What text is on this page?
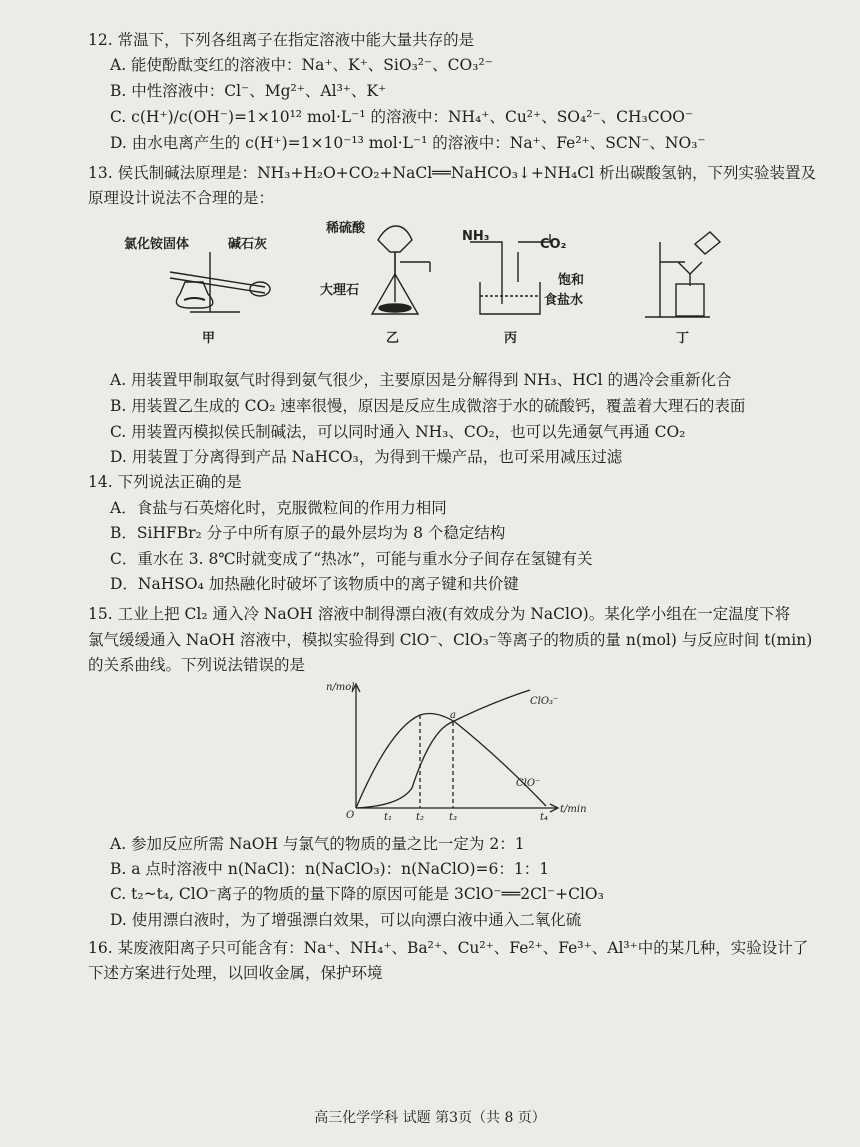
12. 常温下，下列各组离子在指定溶液中能大量共存的是
A. 能使酚酞变红的溶液中：Na⁺、K⁺、SiO₃²⁻、CO₃²⁻
B. 中性溶液中：Cl⁻、Mg²⁺、Al³⁺、K⁺
C. c(H⁺)/c(OH⁻)=1×10¹² mol·L⁻¹ 的溶液中：NH₄⁺、Cu²⁺、SO₄²⁻、CH₃COO⁻
D. 由水电离产生的 c(H⁺)=1×10⁻¹³ mol·L⁻¹ 的溶液中：Na⁺、Fe²⁺、SCN⁻、NO₃⁻
13. 侯氏制碱法原理是：NH₃+H₂O+CO₂+NaCl══NaHCO₃↓+NH₄Cl 析出碳酸氢钠，下列实验装置及
原理设计说法不合理的是：
氯化铵固体	碱石灰
甲
稀硫酸
大理石
乙
NH₃
CO₂
饱和
食盐水
丙	丁
A. 用装置甲制取氨气时得到氨气很少，主要原因是分解得到 NH₃、HCl 的遇冷会重新化合
B. 用装置乙生成的 CO₂ 速率很慢，原因是反应生成微溶于水的硫酸钙，覆盖着大理石的表面
C. 用装置丙模拟侯氏制碱法，可以同时通入 NH₃、CO₂，也可以先通氨气再通 CO₂
D. 用装置丁分离得到产品 NaHCO₃，为得到干燥产品，也可采用减压过滤
14. 下列说法正确的是
A．食盐与石英熔化时，克服微粒间的作用力相同
B．SiHFBr₂ 分子中所有原子的最外层均为 8 个稳定结构
C．重水在 3. 8℃时就变成了“热冰”，可能与重水分子间存在氢键有关
D．NaHSO₄ 加热融化时破坏了该物质中的离子键和共价键
15. 工业上把 Cl₂ 通入冷 NaOH 溶液中制得漂白液(有效成分为 NaClO)。某化学小组在一定温度下将
氯气缓缓通入 NaOH 溶液中，模拟实验得到 ClO⁻、ClO₃⁻等离子的物质的量 n(mol) 与反应时间 t(min)
的关系曲线。下列说法错误的是
n/mol
t/min
O	t₁ t₂ t₃	t₄
a
ClO₃⁻
ClO⁻
A. 参加反应所需 NaOH 与氯气的物质的量之比一定为 2：1
B. a 点时溶液中 n(NaCl)：n(NaClO₃)：n(NaClO)=6：1：1
C. t₂~t₄, ClO⁻离子的物质的量下降的原因可能是 3ClO⁻══2Cl⁻+ClO₃
D. 使用漂白液时，为了增强漂白效果，可以向漂白液中通入二氧化硫
16. 某废液阳离子只可能含有：Na⁺、NH₄⁺、Ba²⁺、Cu²⁺、Fe²⁺、Fe³⁺、Al³⁺中的某几种，实验设计了
下述方案进行处理，以回收金属，保护环境
高三化学学科 试题 第3页（共 8 页）
